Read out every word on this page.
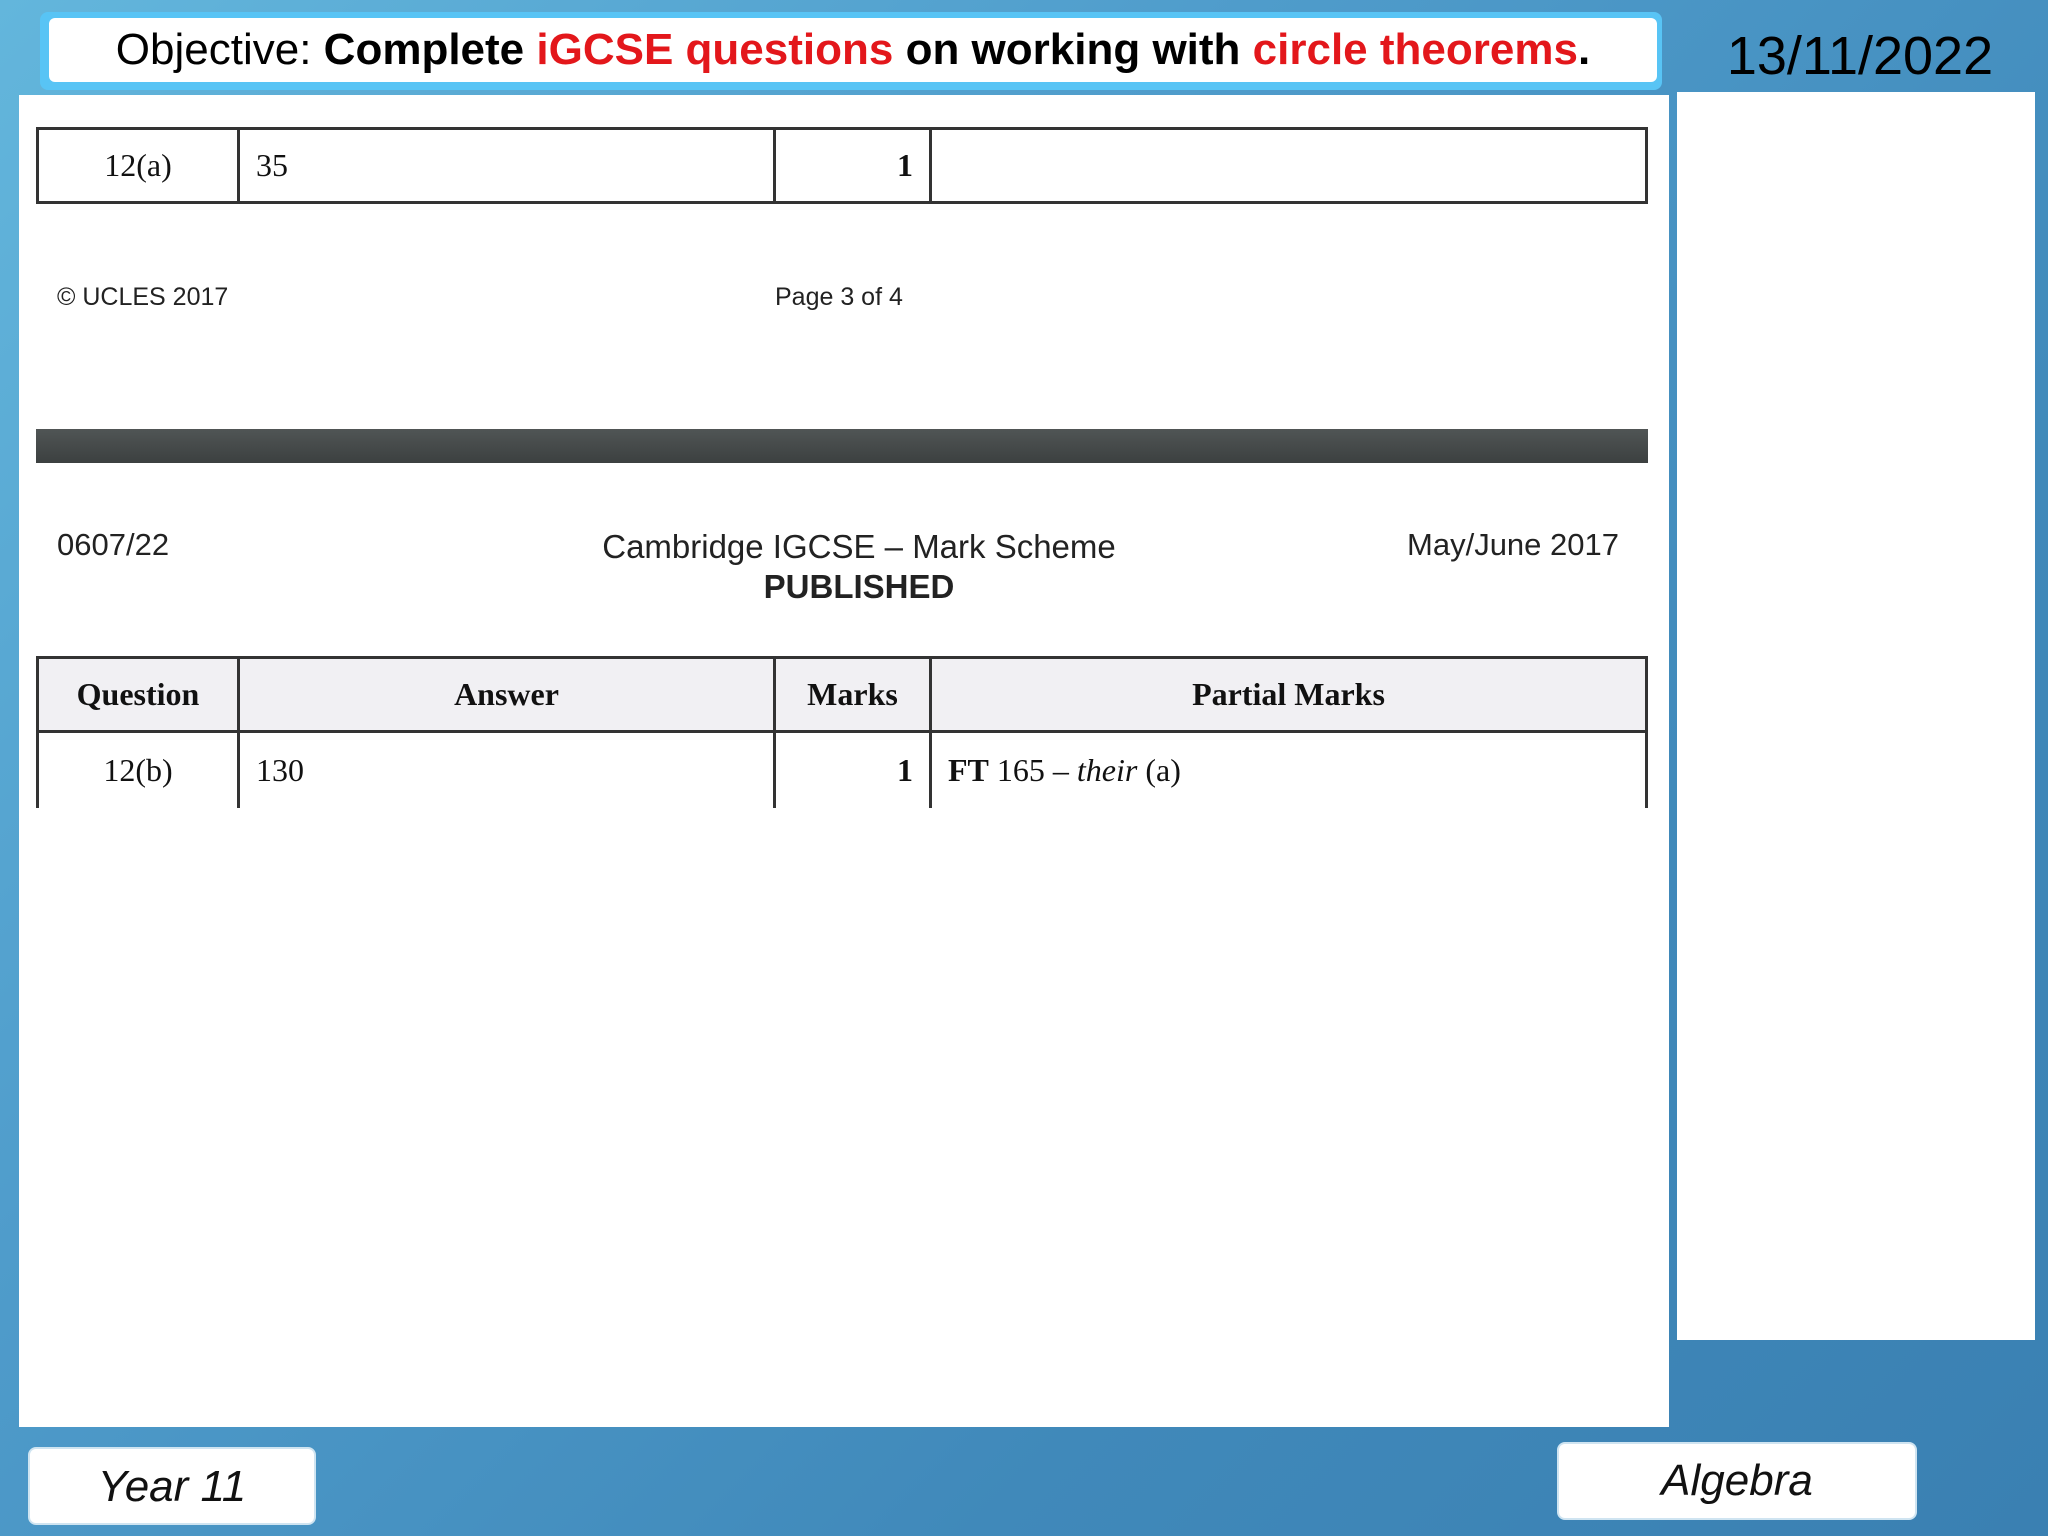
Objective:
Complete
iGCSE questions
on working with
circle theorems .	13/11/2022
12(a)	35	1	
© UCLES 2017	Page 3 of 4
0607/22	Cambridge IGCSE – Mark Scheme
PUBLISHED
May/June 2017
Question	Answer	Marks	Partial Marks
12(b)	130	1	FT 165 – their (a)
Year 11	Algebra
